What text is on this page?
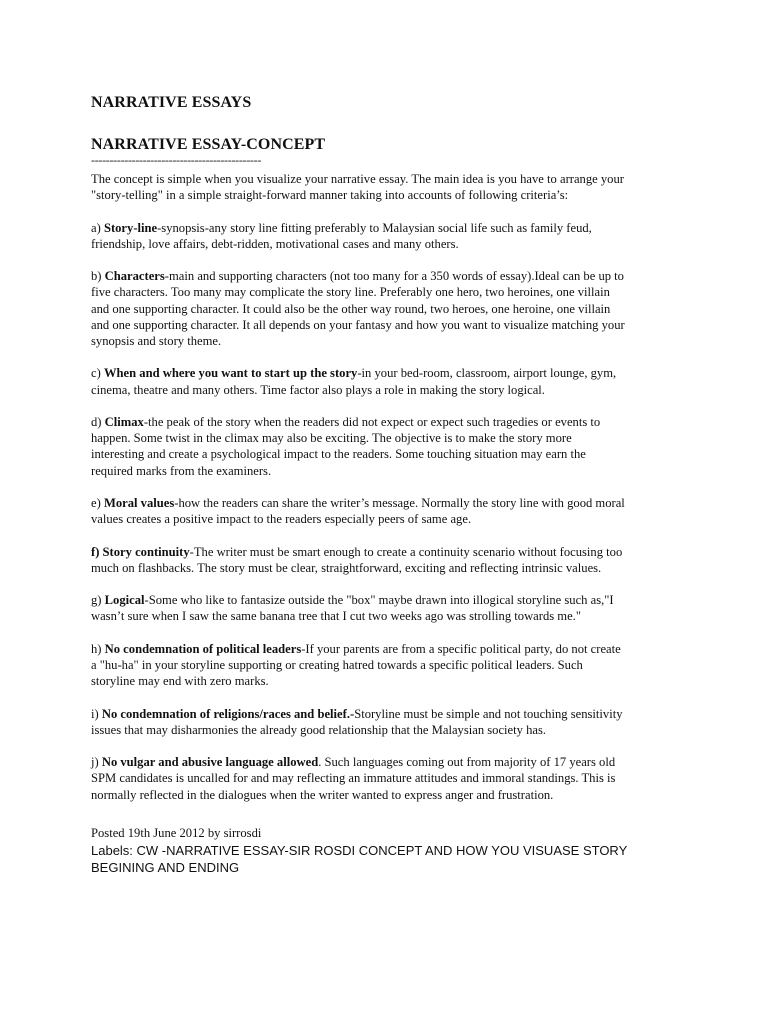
NARRATIVE ESSAYS
NARRATIVE ESSAY-CONCEPT
----------------------------------------------

The concept is simple when you visualize your narrative essay. The main idea is you have to arrange your
"story-telling" in a simple straight-forward manner taking into accounts of following criteria’s:

a) Story-line-synopsis-any story line fitting preferably to Malaysian social life such as family feud,
friendship, love affairs, debt-ridden, motivational cases and many others.

b) Characters-main and supporting characters (not too many for a 350 words of essay).Ideal can be up to
five characters. Too many may complicate the story line. Preferably one hero, two heroines, one villain
and one supporting character. It could also be the other way round, two heroes, one heroine, one villain
and one supporting character. It all depends on your fantasy and how you want to visualize matching your
synopsis and story theme.

c) When and where you want to start up the story-in your bed-room, classroom, airport lounge, gym,
cinema, theatre and many others. Time factor also plays a role in making the story logical.

d) Climax-the peak of the story when the readers did not expect or expect such tragedies or events to
happen. Some twist in the climax may also be exciting. The objective is to make the story more
interesting and create a psychological impact to the readers. Some touching situation may earn the
required marks from the examiners.

e) Moral values-how the readers can share the writer’s message. Normally the story line with good moral
values creates a positive impact to the readers especially peers of same age.

f) Story continuity-The writer must be smart enough to create a continuity scenario without focusing too
much on flashbacks. The story must be clear, straightforward, exciting and reflecting intrinsic values.

g) Logical-Some who like to fantasize outside the "box" maybe drawn into illogical storyline such as,"I
wasn’t sure when I saw the same banana tree that I cut two weeks ago was strolling towards me."

h) No condemnation of political leaders-If your parents are from a specific political party, do not create
a "hu-ha" in your storyline supporting or creating hatred towards a specific political leaders. Such
storyline may end with zero marks.

i) No condemnation of religions/races and belief.-Storyline must be simple and not touching sensitivity
issues that may disharmonies the already good relationship that the Malaysian society has.

j) No vulgar and abusive language allowed. Such languages coming out from majority of 17 years old
SPM candidates is uncalled for and may reflecting an immature attitudes and immoral standings. This is
normally reflected in the dialogues when the writer wanted to express anger and frustration.

Posted 19th June 2012 by sirrosdi
Labels: CW -NARRATIVE ESSAY-SIR ROSDI CONCEPT AND HOW YOU VISUASE STORY
BEGINING AND ENDING
